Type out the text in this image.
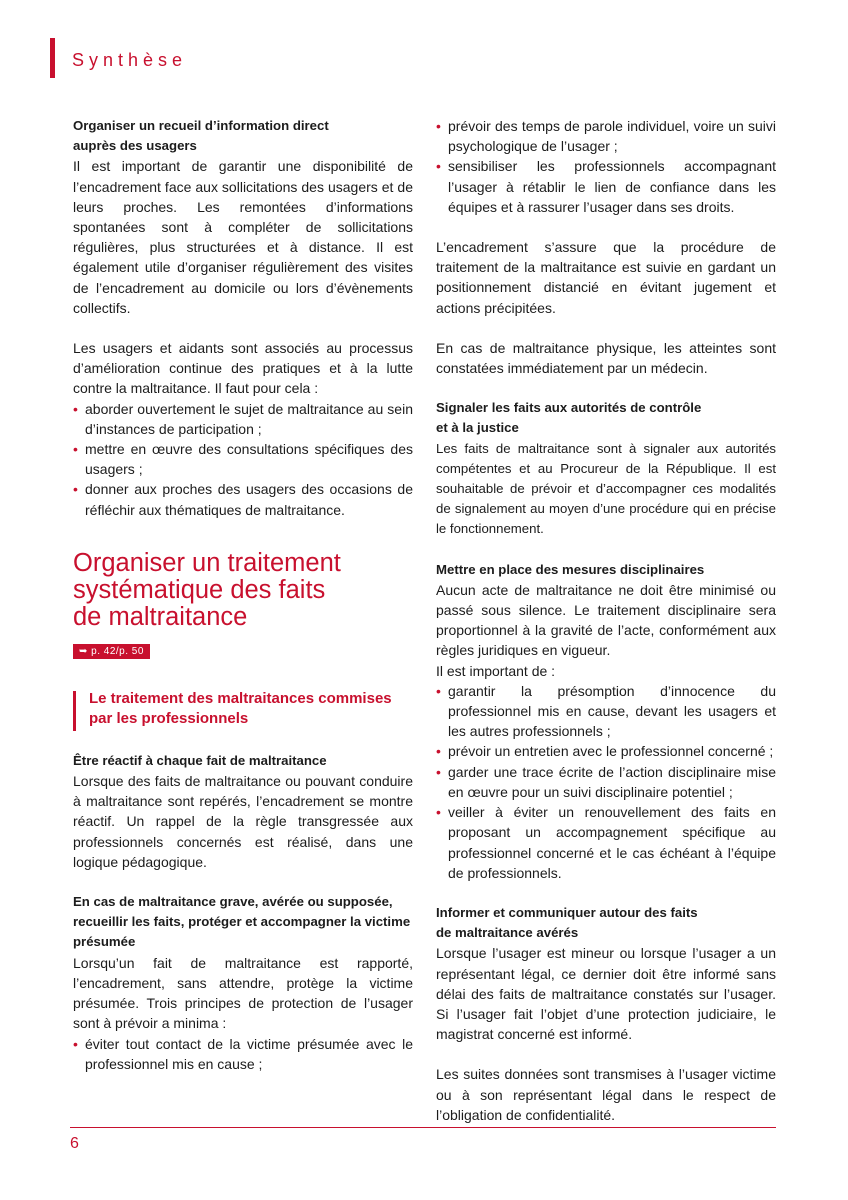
Synthèse
Organiser un recueil d’information direct auprès des usagers

Il est important de garantir une disponibilité de l’encadrement face aux sollicitations des usagers et de leurs proches. Les remontées d’informations spontanées sont à compléter de sollicitations régulières, plus structurées et à distance. Il est également utile d’organiser régulièrement des visites de l’encadrement au domicile ou lors d’évènements collectifs.

Les usagers et aidants sont associés au processus d’amélioration continue des pratiques et à la lutte contre la maltraitance. Il faut pour cela :

• aborder ouvertement le sujet de maltraitance au sein d’instances de participation ;
• mettre en œuvre des consultations spécifiques des usagers ;
• donner aux proches des usagers des occasions de réfléchir aux thématiques de maltraitance.
Organiser un traitement systématique des faits de maltraitance
➥ p. 42/p. 50
Le traitement des maltraitances commises par les professionnels
Être réactif à chaque fait de maltraitance

Lorsque des faits de maltraitance ou pouvant conduire à maltraitance sont repérés, l’encadrement se montre réactif. Un rappel de la règle transgressée aux professionnels concernés est réalisé, dans une logique pédagogique.

En cas de maltraitance grave, avérée ou supposée, recueillir les faits, protéger et accompagner la victime présumée

Lorsqu’un fait de maltraitance est rapporté, l’encadrement, sans attendre, protège la victime présumée. Trois principes de protection de l’usager sont à prévoir a minima :

• éviter tout contact de la victime présumée avec le professionnel mis en cause ;
• prévoir des temps de parole individuel, voire un suivi psychologique de l’usager ;
• sensibiliser les professionnels accompagnant l’usager à rétablir le lien de confiance dans les équipes et à rassurer l’usager dans ses droits.

L’encadrement s’assure que la procédure de traitement de la maltraitance est suivie en gardant un positionnement distancié en évitant jugement et actions précipitées.

En cas de maltraitance physique, les atteintes sont constatées immédiatement par un médecin.

Signaler les faits aux autorités de contrôle et à la justice

Les faits de maltraitance sont à signaler aux autorités compétentes et au Procureur de la République. Il est souhaitable de prévoir et d’accompagner ces modalités de signalement au moyen d’une procédure qui en précise le fonctionnement.

Mettre en place des mesures disciplinaires

Aucun acte de maltraitance ne doit être minimisé ou passé sous silence. Le traitement disciplinaire sera proportionnel à la gravité de l’acte, conformément aux règles juridiques en vigueur.

Il est important de :

• garantir la présomption d’innocence du professionnel mis en cause, devant les usagers et les autres professionnels ;
• prévoir un entretien avec le professionnel concerné ;
• garder une trace écrite de l’action disciplinaire mise en œuvre pour un suivi disciplinaire potentiel ;
• veiller à éviter un renouvellement des faits en proposant un accompagnement spécifique au professionnel concerné et le cas échéant à l’équipe de professionnels.
Informer et communiquer autour des faits de maltraitance avérés

Lorsque l’usager est mineur ou lorsque l’usager a un représentant légal, ce dernier doit être informé sans délai des faits de maltraitance constatés sur l’usager. Si l’usager fait l’objet d’une protection judiciaire, le magistrat concerné est informé.

Les suites données sont transmises à l’usager victime ou à son représentant légal dans le respect de l’obligation de confidentialité.

6
